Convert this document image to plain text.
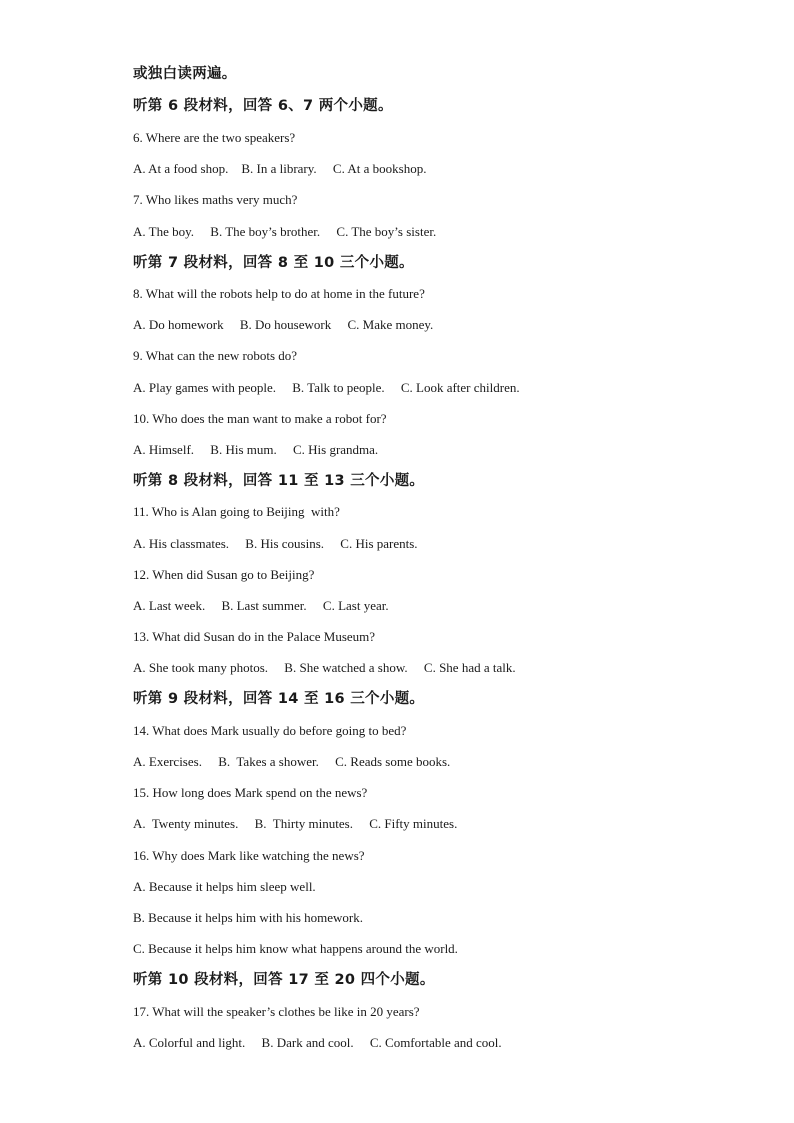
或独白读两遍。
听第 6 段材料，回答 6、7 两个小题。
6. Where are the two speakers?
A. At a food shop.    B. In a library.     C. At a bookshop.
7. Who likes maths very much?
A. The boy.     B. The boy’s brother.     C. The boy’s sister.
听第 7 段材料，回答 8 至 10 三个小题。
8. What will the robots help to do at home in the future?
A. Do homework     B. Do housework     C. Make money.
9. What can the new robots do?
A. Play games with people.     B. Talk to people.     C. Look after children.
10. Who does the man want to make a robot for?
A. Himself.     B. His mum.     C. His grandma.
听第 8 段材料，回答 11 至 13 三个小题。
11. Who is Alan going to Beijing  with?
A. His classmates.     B. His cousins.     C. His parents.
12. When did Susan go to Beijing?
A. Last week.     B. Last summer.     C. Last year.
13. What did Susan do in the Palace Museum?
A. She took many photos.     B. She watched a show.     C. She had a talk.
听第 9 段材料，回答 14 至 16 三个小题。
14. What does Mark usually do before going to bed?
A. Exercises.     B.  Takes a shower.     C. Reads some books.
15. How long does Mark spend on the news?
A.  Twenty minutes.     B.  Thirty minutes.     C. Fifty minutes.
16. Why does Mark like watching the news?
A. Because it helps him sleep well.
B. Because it helps him with his homework.
C. Because it helps him know what happens around the world.
听第 10 段材料，回答 17 至 20 四个小题。
17. What will the speaker’s clothes be like in 20 years?
A. Colorful and light.     B. Dark and cool.     C. Comfortable and cool.
